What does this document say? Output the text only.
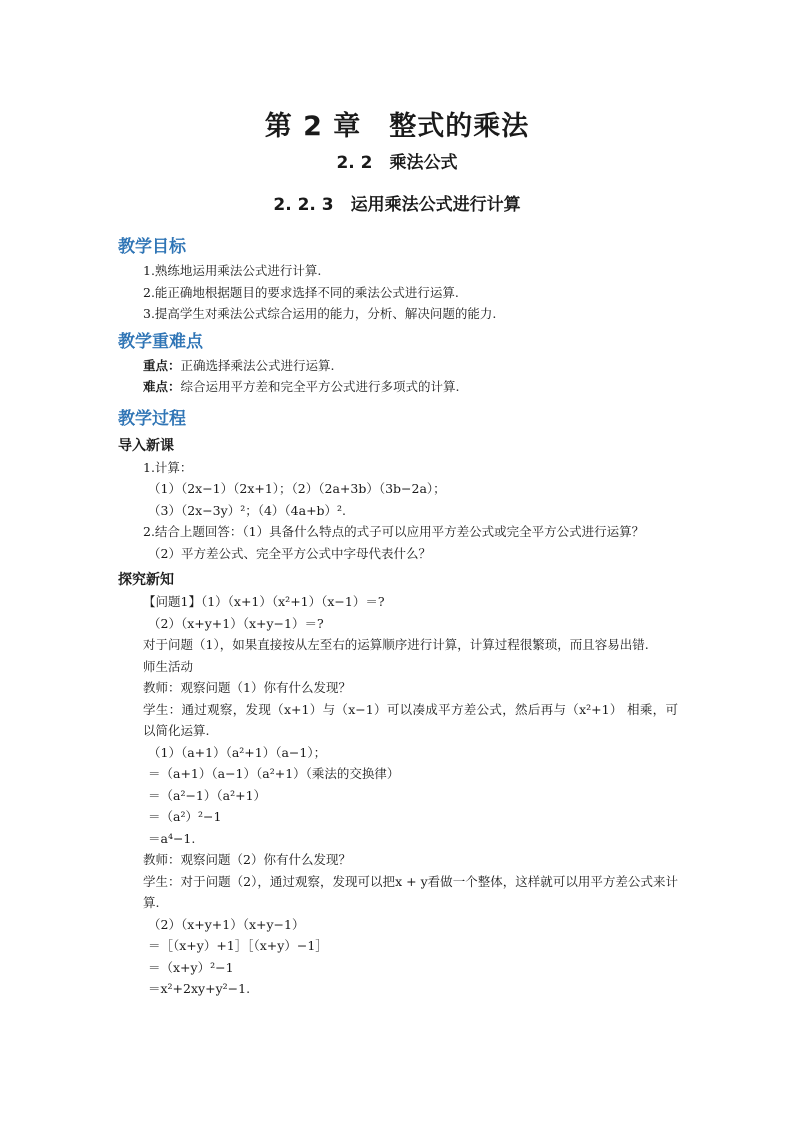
第 2 章　整式的乘法
2. 2　乘法公式
2. 2. 3　运用乘法公式进行计算
教学目标
1.熟练地运用乘法公式进行计算.
2.能正确地根据题目的要求选择不同的乘法公式进行运算.
3.提高学生对乘法公式综合运用的能力，分析、解决问题的能力.
教学重难点
重点：正确选择乘法公式进行运算.
难点：综合运用平方差和完全平方公式进行多项式的计算.
教学过程
导入新课
1.计算：
（1）（2x−1）（2x+1）；（2）（2a+3b）（3b−2a）；
（3）（2x−3y）²；（4）（4a+b）².
2.结合上题回答：（1）具备什么特点的式子可以应用平方差公式或完全平方公式进行运算？
（2）平方差公式、完全平方公式中字母代表什么？
探究新知
【问题1】（1）（x+1）（x²+1）（x−1）＝?
（2）（x+y+1）（x+y−1）＝?
对于问题（1），如果直接按从左至右的运算顺序进行计算，计算过程很繁琐，而且容易出错.
师生活动
教师：观察问题（1）你有什么发现？
学生：通过观察，发现（x+1）与（x−1）可以凑成平方差公式，然后再与（x²+1） 相乘，可以简化运算.
（1）（a+1）（a²+1）（a−1）；
＝（a+1）（a−1）（a²+1）（乘法的交换律）
＝（a²−1）（a²+1）
＝（a²）²−1
＝a⁴−1.
教师：观察问题（2）你有什么发现？
学生：对于问题（2），通过观察，发现可以把x + y看做一个整体，这样就可以用平方差公式来计算.
（2）（x+y+1）（x+y−1）
＝［（x+y）+1］［（x+y）−1］
＝（x+y）²−1
＝x²+2xy+y²−1.
